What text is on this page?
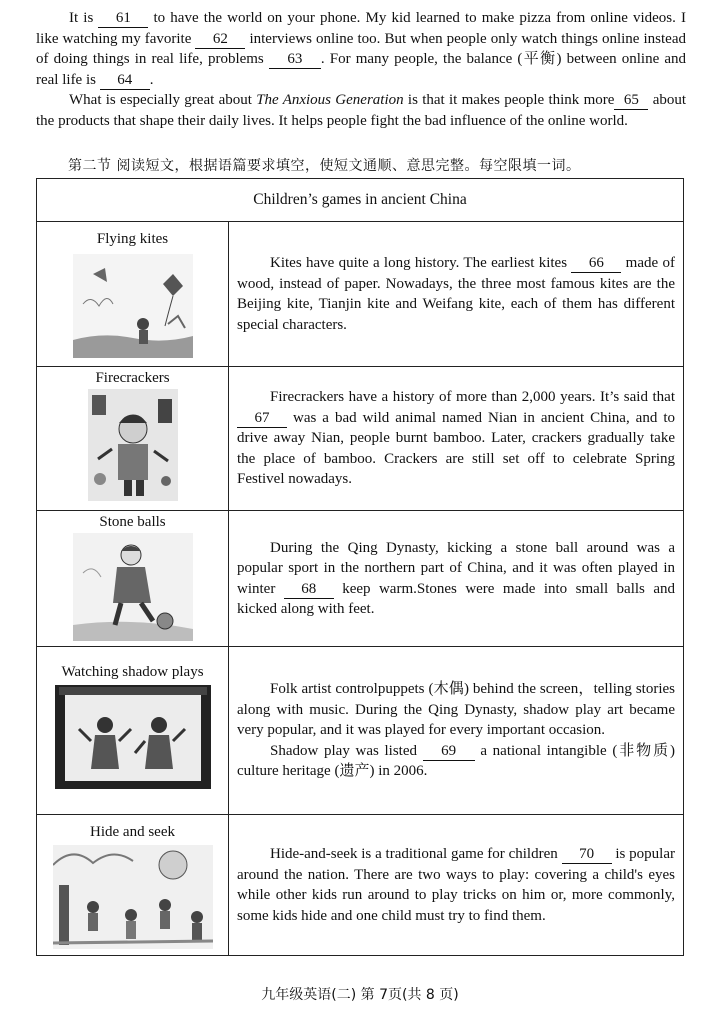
It is 61 to have the world on your phone. My kid learned to make pizza from online videos. I like watching my favorite 62 interviews online too. But when people only watch things online instead of doing things in real life, problems 63 . For many people, the balance (平衡) between online and real life is 64 .

What is especially great about The Anxious Generation is that it makes people think more 65 about the products that shape their daily lives. It helps people fight the bad influence of the online world.

第二节 阅读短文，根据语篇要求填空，使短文通顺、意思完整。每空限填一词。
Children’s games in ancient China
Flying kites

Kites have quite a long history. The earliest kites 66 made of wood, instead of paper. Nowadays, the three most famous kites are the Beijing kite, Tianjin kite and Weifang kite, each of them has different special characters.

Firecrackers

Firecrackers have a history of more than 2,000 years. It’s said that 67 was a bad wild animal named Nian in ancient China, and to drive away Nian, people burnt bamboo. Later, crackers gradually take the place of bamboo. Crackers are still set off to celebrate Spring Festivel nowadays.

Stone balls

During the Qing Dynasty, kicking a stone ball around was a popular sport in the northern part of China, and it was often played in winter 68 keep warm.Stones were made into small balls and kicked along with feet.

Watching shadow plays

Folk artist controlpuppets (木偶) behind the screen，telling stories along with music. During the Qing Dynasty, shadow play art became very popular, and it was played for every important occasion.

Shadow play was listed 69 a national intangible (非物质) culture heritage (遗产) in 2006.

Hide and seek

Hide-and-seek is a traditional game for children 70 is popular around the nation. There are two ways to play: covering a child's eyes while other kids run around to play tricks on him or, more commonly, some kids hide and one child must try to find them.

九年级英语(二) 第 7页(共 8 页)
